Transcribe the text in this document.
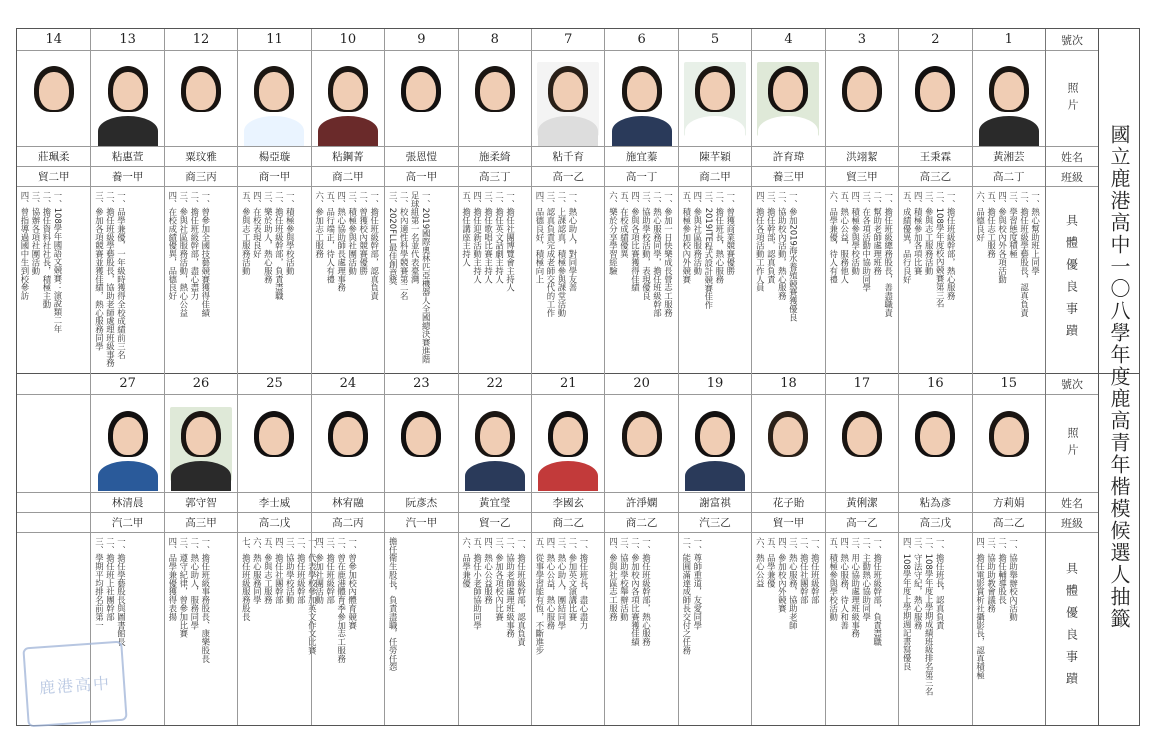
號次
照片
姓名
班級
具體優良事蹟
14
莊珮柔
貿二甲
一、108學年國語文競賽：演說類二年
二、擔任資料社社長，積極主動
三、協辦各項社團活動
四、曾指導過國中生到校參訪
13
粘惠萱
養一甲
一、品學兼優，一年級時獲得全校成績前三名
二、擔任班級學藝股長，協助老師處理班級事務
三、參加各項競賽並獲佳績，熱心服務同學
12
粟玟雅
商三丙
一、曾參加全國技藝競賽獲得佳績
二、擔任班級幹部，盡心盡力
三、參與社區服務活動，熱心公益
四、在校成績優異，品德良好
11
楊亞璇
商一甲
一、積極參與學校活動
二、擔任班級幹部，負責盡職
三、樂於助人，熱心服務
四、在校表現良好
五、參與志工服務活動
10
粘鋼菁
商二甲
一、擔任班級幹部，認真負責
二、曾獲校內競賽優勝
三、積極參與社團活動
四、熱心協助師長處理事務
五、品行端正，待人有禮
六、參加志工服務
9
張恩愷
高一甲
一、2019國際奧林匹亞機器人全國總決賽進階足球組第一名並代表臺灣
二、校內適性科學競賽第二名
三、2020FLL最佳創意獎
8
施柔綺
高三丁
一、擔任社團博覽會主持人
二、擔任英文話劇主持人
三、擔任歌唱比賽主持人
四、擔任迎新活動主持人
五、擔任講座主持人
7
粘千育
高一乙
一、熱心助人，對同學友善
二、上課認真，積極參與課堂活動
三、認真負責完成老師交代的工作
四、品德良好，積極向上
6
施宜蓁
高一丁
一、參加一日快樂成長營志工服務
二、熱心服務同學，擔任班級幹部
三、協助學校活動，表現優良
四、參與各項比賽獲得佳績
五、在校成績優異
六、樂於分享學習經驗
5
陳芊穎
商二甲
一、曾獲商業競賽優勝
二、擔任班長，熱心服務
三、2019ITE程式設計競賽佳作
四、參與社區服務活動
五、積極參加校內外競賽
4
許育瑋
養三甲
一、參加2019海水養殖競賽獲優良
二、協助校內活動，熱心服務
三、擔任幹部，認真負責
四、擔任各項活動工作人員
3
洪翊絜
貿三甲
一、擔任班級總務股長，善盡職責
二、幫助老師處理班務
三、在各項活動中協助同學
四、積極參與學校活動
五、熱心公益，服務他人
六、品學兼優，待人有禮
2
王秉霖
高三乙
一、擔任班級幹部，熱心服務
二、108學年度校內競賽第三名
三、參與志工服務活動
四、積極參加各項比賽
五、成績優異，品行良好
1
黃湘芸
高二丁
一、熱心幫助班上同學
二、擔任班級學藝股長，認真負責
三、學習態度積極
四、參與校內外各項活動
五、擔任志工服務
六、品德良好
號次
照片
姓名
班級
具體優良事蹟
27
林清晨
汽二甲
一、擔任學藝股長與圖書館長
二、擔任班上社團幹部
三、學期平均排名前第一
26
郭守智
高三甲
一、擔任班級事務股長、康樂股長
二、熱心助人，服務同學
三、遵守紀律，曾參加比賽
四、品學兼優獲得表揚
25
李士威
高二戊
一、代表學校參加英文作文比賽
二、擔任班級幹部
三、協助學校活動
四、擔任社團幹部
五、參與志工服務
六、熱心服務同學
七、擔任班級服務股長
24
林宥融
高二丙
一、曾參加校內體育競賽
二、曾在鹿港體育季參加志工服務
三、擔任班級幹部
四、參加社團活動
23
阮彥杰
汽一甲
擔任衛生股長，負責盡職，任勞任怨
22
黃宜瑩
貿一乙
一、擔任班級幹部，認真負責
二、協助老師處理班級事務
三、參加各項校內比賽
四、熱心公益服務
五、擔任小老師協助同學
六、品學兼優
21
李國玄
商二乙
一、擔任班長，盡心盡力
二、參加英文演講比賽
三、熱心助人，團結同學
四、熱心公益，熱心服務
五、從事學習能有恆，不斷進步
20
許淨嫻
商二乙
一、擔任班級幹部，熱心服務
二、參加校內各項比賽獲佳績
三、協助學校舉辦活動
四、參與社區志工服務
19
謝富祺
汽三乙
一、尊師重道，友愛同學
二、能圓滿達成師長交付之任務
18
花子貽
貿一甲
一、擔任班級幹部
二、擔任社團幹部
三、熱心服務，協助老師
四、參加校內外競賽
五、品學兼優
六、熱心公益
17
黃俐潔
高一乙
一、擔任班級幹部，負責盡職
二、主動熱心協助同學
三、用心協助處理班級事務
四、熱心服務，待人和善
五、積極參與學校活動
16
粘為彥
高三戊
一、擔任班長，認真負責
二、108學年度上學期成績班級排名第三名
三、守法守紀，熱心服務
四、108學年度上學期週記書寫優良
15
方莉娟
高二乙
一、協助舉辦校內活動
二、擔任輔導股長
三、協助助教會議務
四、擔任電影賞析社攝影長，認真積極	國立鹿港高中一〇八學年度鹿高青年楷模候選人抽籤
鹿港高中
